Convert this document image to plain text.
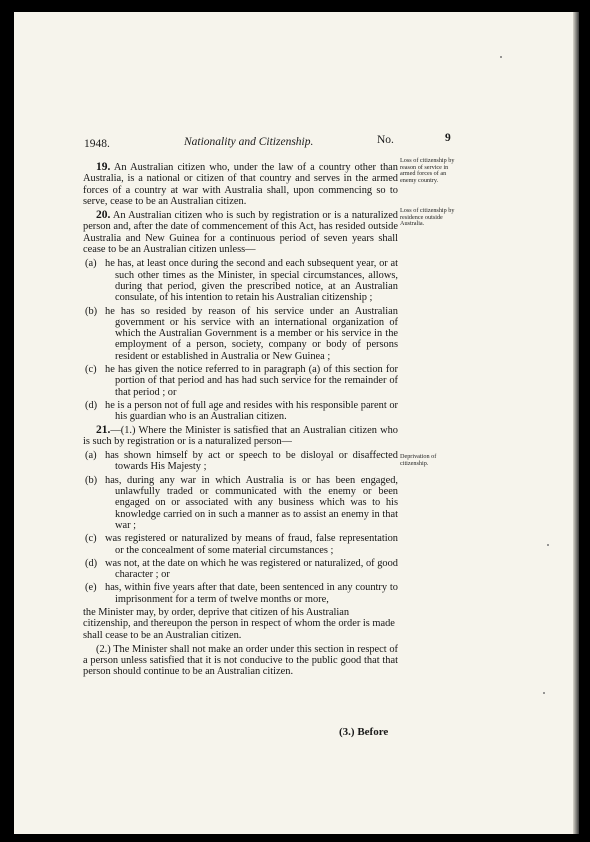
1948.	Nationality and Citizenship.	No.	9
Loss of citizenship by reason of service in armed forces of an enemy country.
Loss of citizenship by residence outside Australia.
Deprivation of citizenship.

19. An Australian citizen who, under the law of a country other than Australia, is a national or citizen of that country and serves in the armed forces of a country at war with Australia shall, upon commencing so to serve, cease to be an Australian citizen.

20. An Australian citizen who is such by registration or is a naturalized person and, after the date of commencement of this Act, has resided outside Australia and New Guinea for a continuous period of seven years shall cease to be an Australian citizen unless—

(a) he has, at least once during the second and each subsequent year, or at such other times as the Minister, in special circumstances, allows, during that period, given the prescribed notice, at an Australian consulate, of his intention to retain his Australian citizenship ;
(b) he has so resided by reason of his service under an Australian government or his service with an international organization of which the Australian Government is a member or his service in the employment of a person, society, company or body of persons resident or established in Australia or New Guinea ;
(c) he has given the notice referred to in paragraph (a) of this section for portion of that period and has had such service for the remainder of that period ; or
(d) he is a person not of full age and resides with his responsible parent or his guardian who is an Australian citizen.

21.—(1.) Where the Minister is satisfied that an Australian citizen who is such by registration or is a naturalized person—

(a) has shown himself by act or speech to be disloyal or disaffected towards His Majesty ;
(b) has, during any war in which Australia is or has been engaged, unlawfully traded or communicated with the enemy or been engaged on or associated with any business which was to his knowledge carried on in such a manner as to assist an enemy in that war ;
(c) was registered or naturalized by means of fraud, false representation or the concealment of some material circumstances ;
(d) was not, at the date on which he was registered or naturalized, of good character ; or
(e) has, within five years after that date, been sentenced in any country to imprisonment for a term of twelve months or more,

the Minister may, by order, deprive that citizen of his Australian citizenship, and thereupon the person in respect of whom the order is made shall cease to be an Australian citizen.

(2.) The Minister shall not make an order under this section in respect of a person unless satisfied that it is not conducive to the public good that that person should continue to be an Australian citizen.

(3.) Before
